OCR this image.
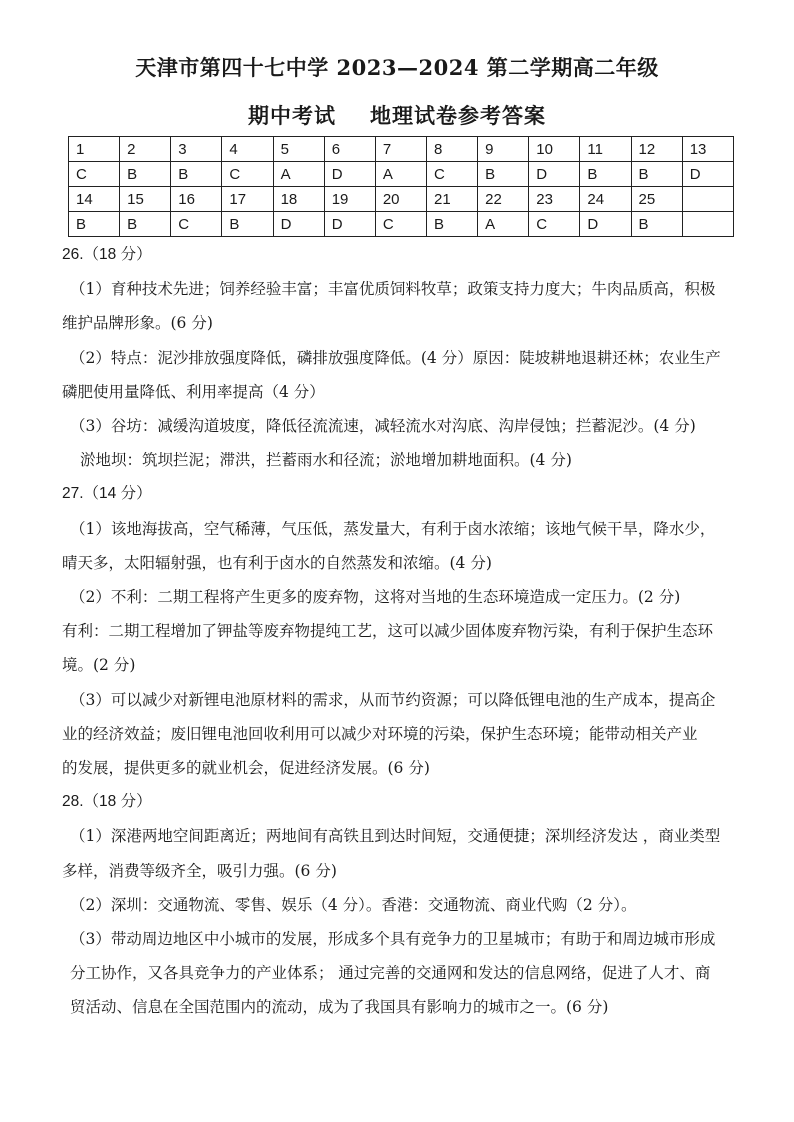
天津市第四十七中学 2023—2024 第二学期高二年级
期中考试 地理试卷参考答案
1	2	3	4	5	6	7	8	9	10	11	12	13
C	B	B	C	A	D	A	C	B	D	B	B	D
14	15	16	17	18	19	20	21	22	23	24	25	
B	B	C	B	D	D	C	B	A	C	D	B	

26.（18 分）

（1）育种技术先进；饲养经验丰富；丰富优质饲料牧草；政策支持力度大；牛肉品质高，积极

维护品牌形象。(6 分)

（2）特点：泥沙排放强度降低，磷排放强度降低。(4 分）原因：陡坡耕地退耕还林；农业生产

磷肥使用量降低、利用率提高（4 分）

（3）谷坊：减缓沟道坡度，降低径流流速，减轻流水对沟底、沟岸侵蚀；拦蓄泥沙。(4 分)

淤地坝：筑坝拦泥；滞洪，拦蓄雨水和径流；淤地增加耕地面积。(4 分)

27.（14 分）

（1）该地海拔高，空气稀薄，气压低，蒸发量大，有利于卤水浓缩；该地气候干旱，降水少，

晴天多，太阳辐射强，也有利于卤水的自然蒸发和浓缩。(4 分)

（2）不利：二期工程将产生更多的废弃物，这将对当地的生态环境造成一定压力。(2 分)

有利：二期工程增加了钾盐等废弃物提纯工艺，这可以减少固体废弃物污染，有利于保护生态环

境。(2 分)

（3）可以减少对新锂电池原材料的需求，从而节约资源；可以降低锂电池的生产成本，提高企

业的经济效益；废旧锂电池回收利用可以减少对环境的污染，保护生态环境；能带动相关产业

的发展，提供更多的就业机会，促进经济发展。(6 分)

28.（18 分）

（1）深港两地空间距离近；两地间有高铁且到达时间短，交通便捷；深圳经济发达 ，商业类型

多样，消费等级齐全，吸引力强。(6 分)

（2）深圳：交通物流、零售、娱乐（4 分）。香港：交通物流、商业代购（2 分）。

（3）带动周边地区中小城市的发展，形成多个具有竞争力的卫星城市；有助于和周边城市形成

分工协作，又各具竞争力的产业体系； 通过完善的交通网和发达的信息网络，促进了人才、商

贸活动、信息在全国范围内的流动，成为了我国具有影响力的城市之一。(6 分)
